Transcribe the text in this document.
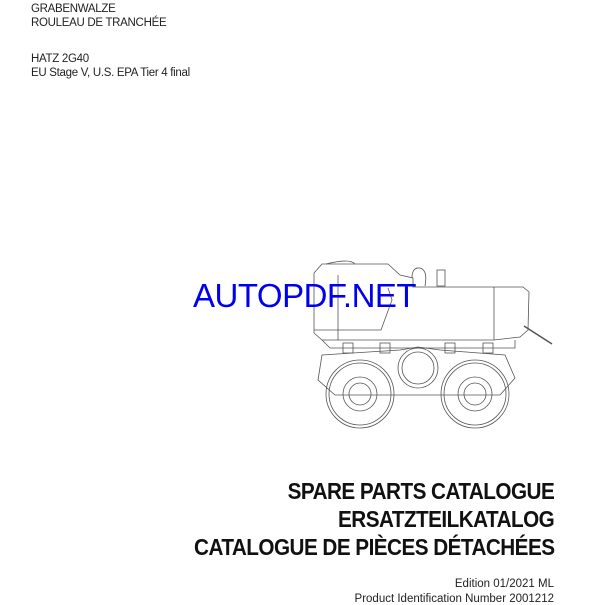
GRABENWALZE
ROULEAU DE TRANCHÉE
HATZ 2G40
EU Stage V, U.S. EPA Tier 4 final
AUTOPDF.NET
SPARE PARTS CATALOGUE
ERSATZTEILKATALOG
CATALOGUE DE PIÈCES DÉTACHÉES
Edition 01/2021 ML
Product Identification Number 2001212
